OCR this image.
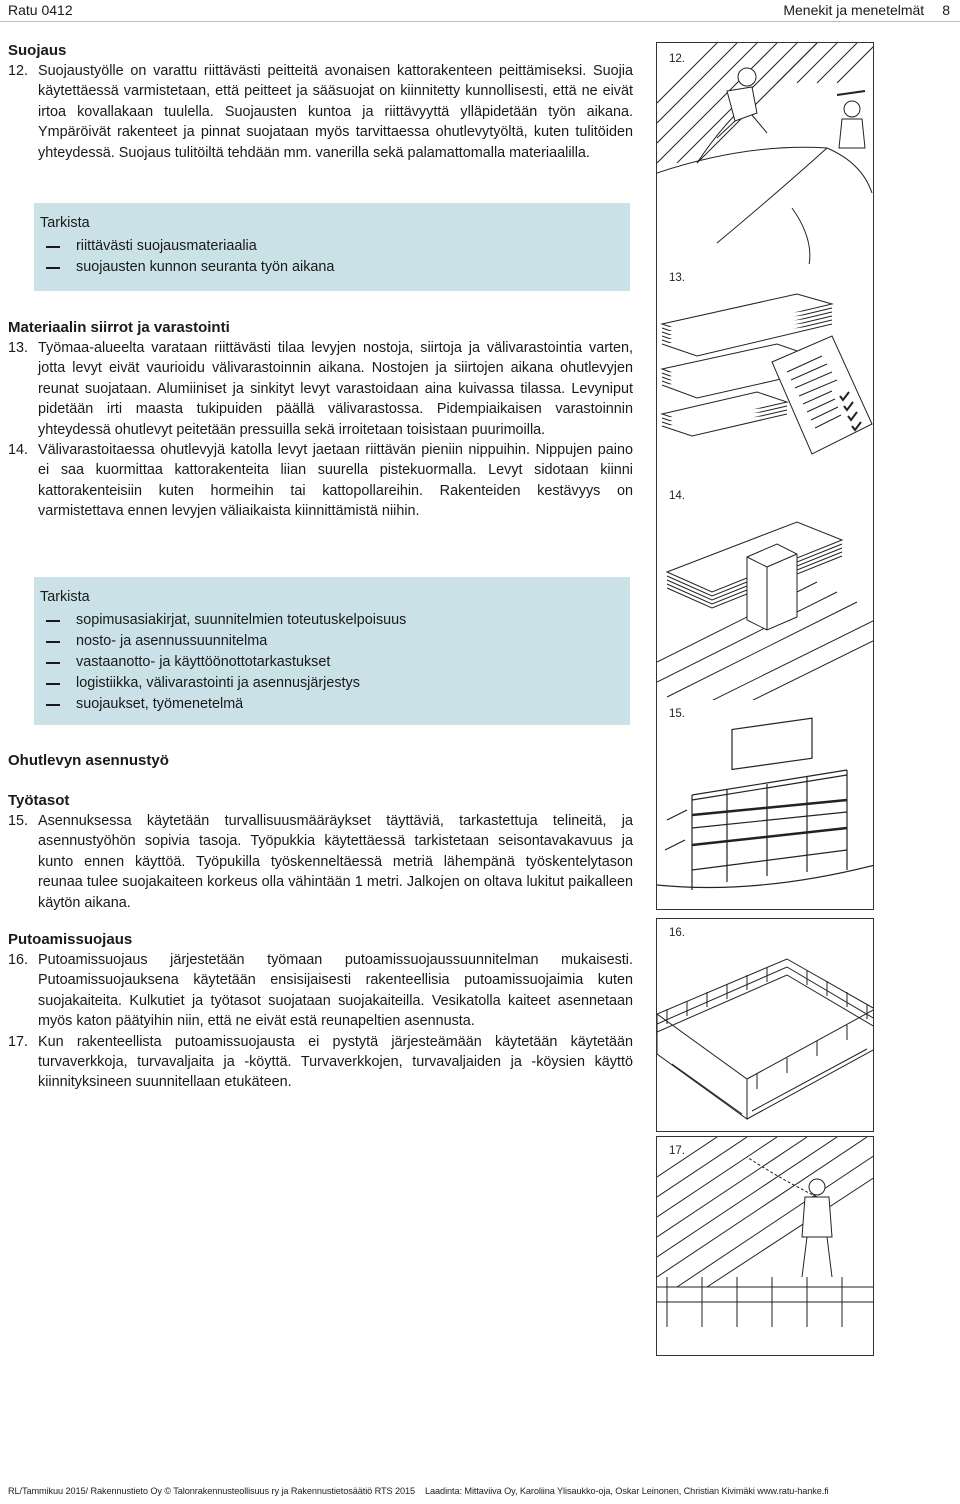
Ratu 0412	Menekit ja menetelmät 8
Suojaus
12. Suojaustyölle on varattu riittävästi peitteitä avonaisen kattorakenteen peittämiseksi. Suojia käytettäessä varmistetaan, että peitteet ja sääsuojat on kiinnitetty kunnollisesti, että ne eivät irtoa kovallakaan tuulella. Suojausten kuntoa ja riittävyyttä ylläpidetään työn aikana. Ympäröivät rakenteet ja pinnat suojataan myös tarvittaessa ohutlevytyöltä, kuten tulitöiden yhteydessä. Suojaus tulitöiltä tehdään mm. vanerilla sekä palamattomalla materiaalilla.
Tarkista
riittävästi suojausmateriaalia
suojausten kunnon seuranta työn aikana
Materiaalin siirrot ja varastointi
13. Työmaa-alueelta varataan riittävästi tilaa levyjen nostoja, siirtoja ja välivarastointia varten, jotta levyt eivät vaurioidu välivarastoinnin aikana. Nostojen ja siirtojen aikana ohutlevyjen reunat suojataan. Alumiiniset ja sinkityt levyt varastoidaan aina kuivassa tilassa. Levyniput pidetään irti maasta tukipuiden päällä välivarastossa. Pidempiaikaisen varastoinnin yhteydessä ohutlevyt peitetään pressuilla sekä irroitetaan toisistaan puurimoilla.
14. Välivarastoitaessa ohutlevyjä katolla levyt jaetaan riittävän pieniin nippuihin. Nippujen paino ei saa kuormittaa kattorakenteita liian suurella pistekuormalla. Levyt sidotaan kiinni kattorakenteisiin kuten hormeihin tai kattopollareihin. Rakenteiden kestävyys on varmistettava ennen levyjen väliaikaista kiinnittämistä niihin.
Tarkista
sopimusasiakirjat, suunnitelmien toteutuskelpoisuus
nosto- ja asennussuunnitelma
vastaanotto- ja käyttöönottotarkastukset
logistiikka, välivarastointi ja asennusjärjestys
suojaukset, työmenetelmä
Ohutlevyn asennustyö
Työtasot
15. Asennuksessa käytetään turvallisuusmääräykset täyttäviä, tarkastettuja telineitä, ja asennustyöhön sopivia tasoja. Työpukkia käytettäessä tarkistetaan seisontavakavuus ja kunto ennen käyttöä. Työpukilla työskenneltäessä metriä lähempänä työskentelytason reunaa tulee suojakaiteen korkeus olla vähintään 1 metri. Jalkojen on oltava lukitut paikalleen käytön aikana.
Putoamissuojaus
16. Putoamissuojaus järjestetään työmaan putoamissuojaussuunnitelman mukaisesti. Putoamissuojauksena käytetään ensisijaisesti rakenteellisia putoamissuojaimia kuten suojakaiteita. Kulkutiet ja työtasot suojataan suojakaiteilla. Vesikatolla kaiteet asennetaan myös katon päätyihin niin, että ne eivät estä reunapeltien asennusta.
17. Kun rakenteellista putoamissuojausta ei pystytä järjesteämään käytetään käytetään turvaverkkoja, turvavaljaita ja -köyttä. Turvaverkkojen, turvavaljaiden ja -köysien käyttö kiinnityksineen suunnitellaan etukäteen.
12.
13.
14.
15.
16.
17.
RL/Tammikuu 2015/ Rakennustieto Oy © Talonrakennusteollisuus ry ja Rakennustietosäätiö RTS 2015 Laadinta: Mittaviiva Oy, Karoliina Ylisaukko-oja, Oskar Leinonen, Christian Kivimäki www.ratu-hanke.fi
